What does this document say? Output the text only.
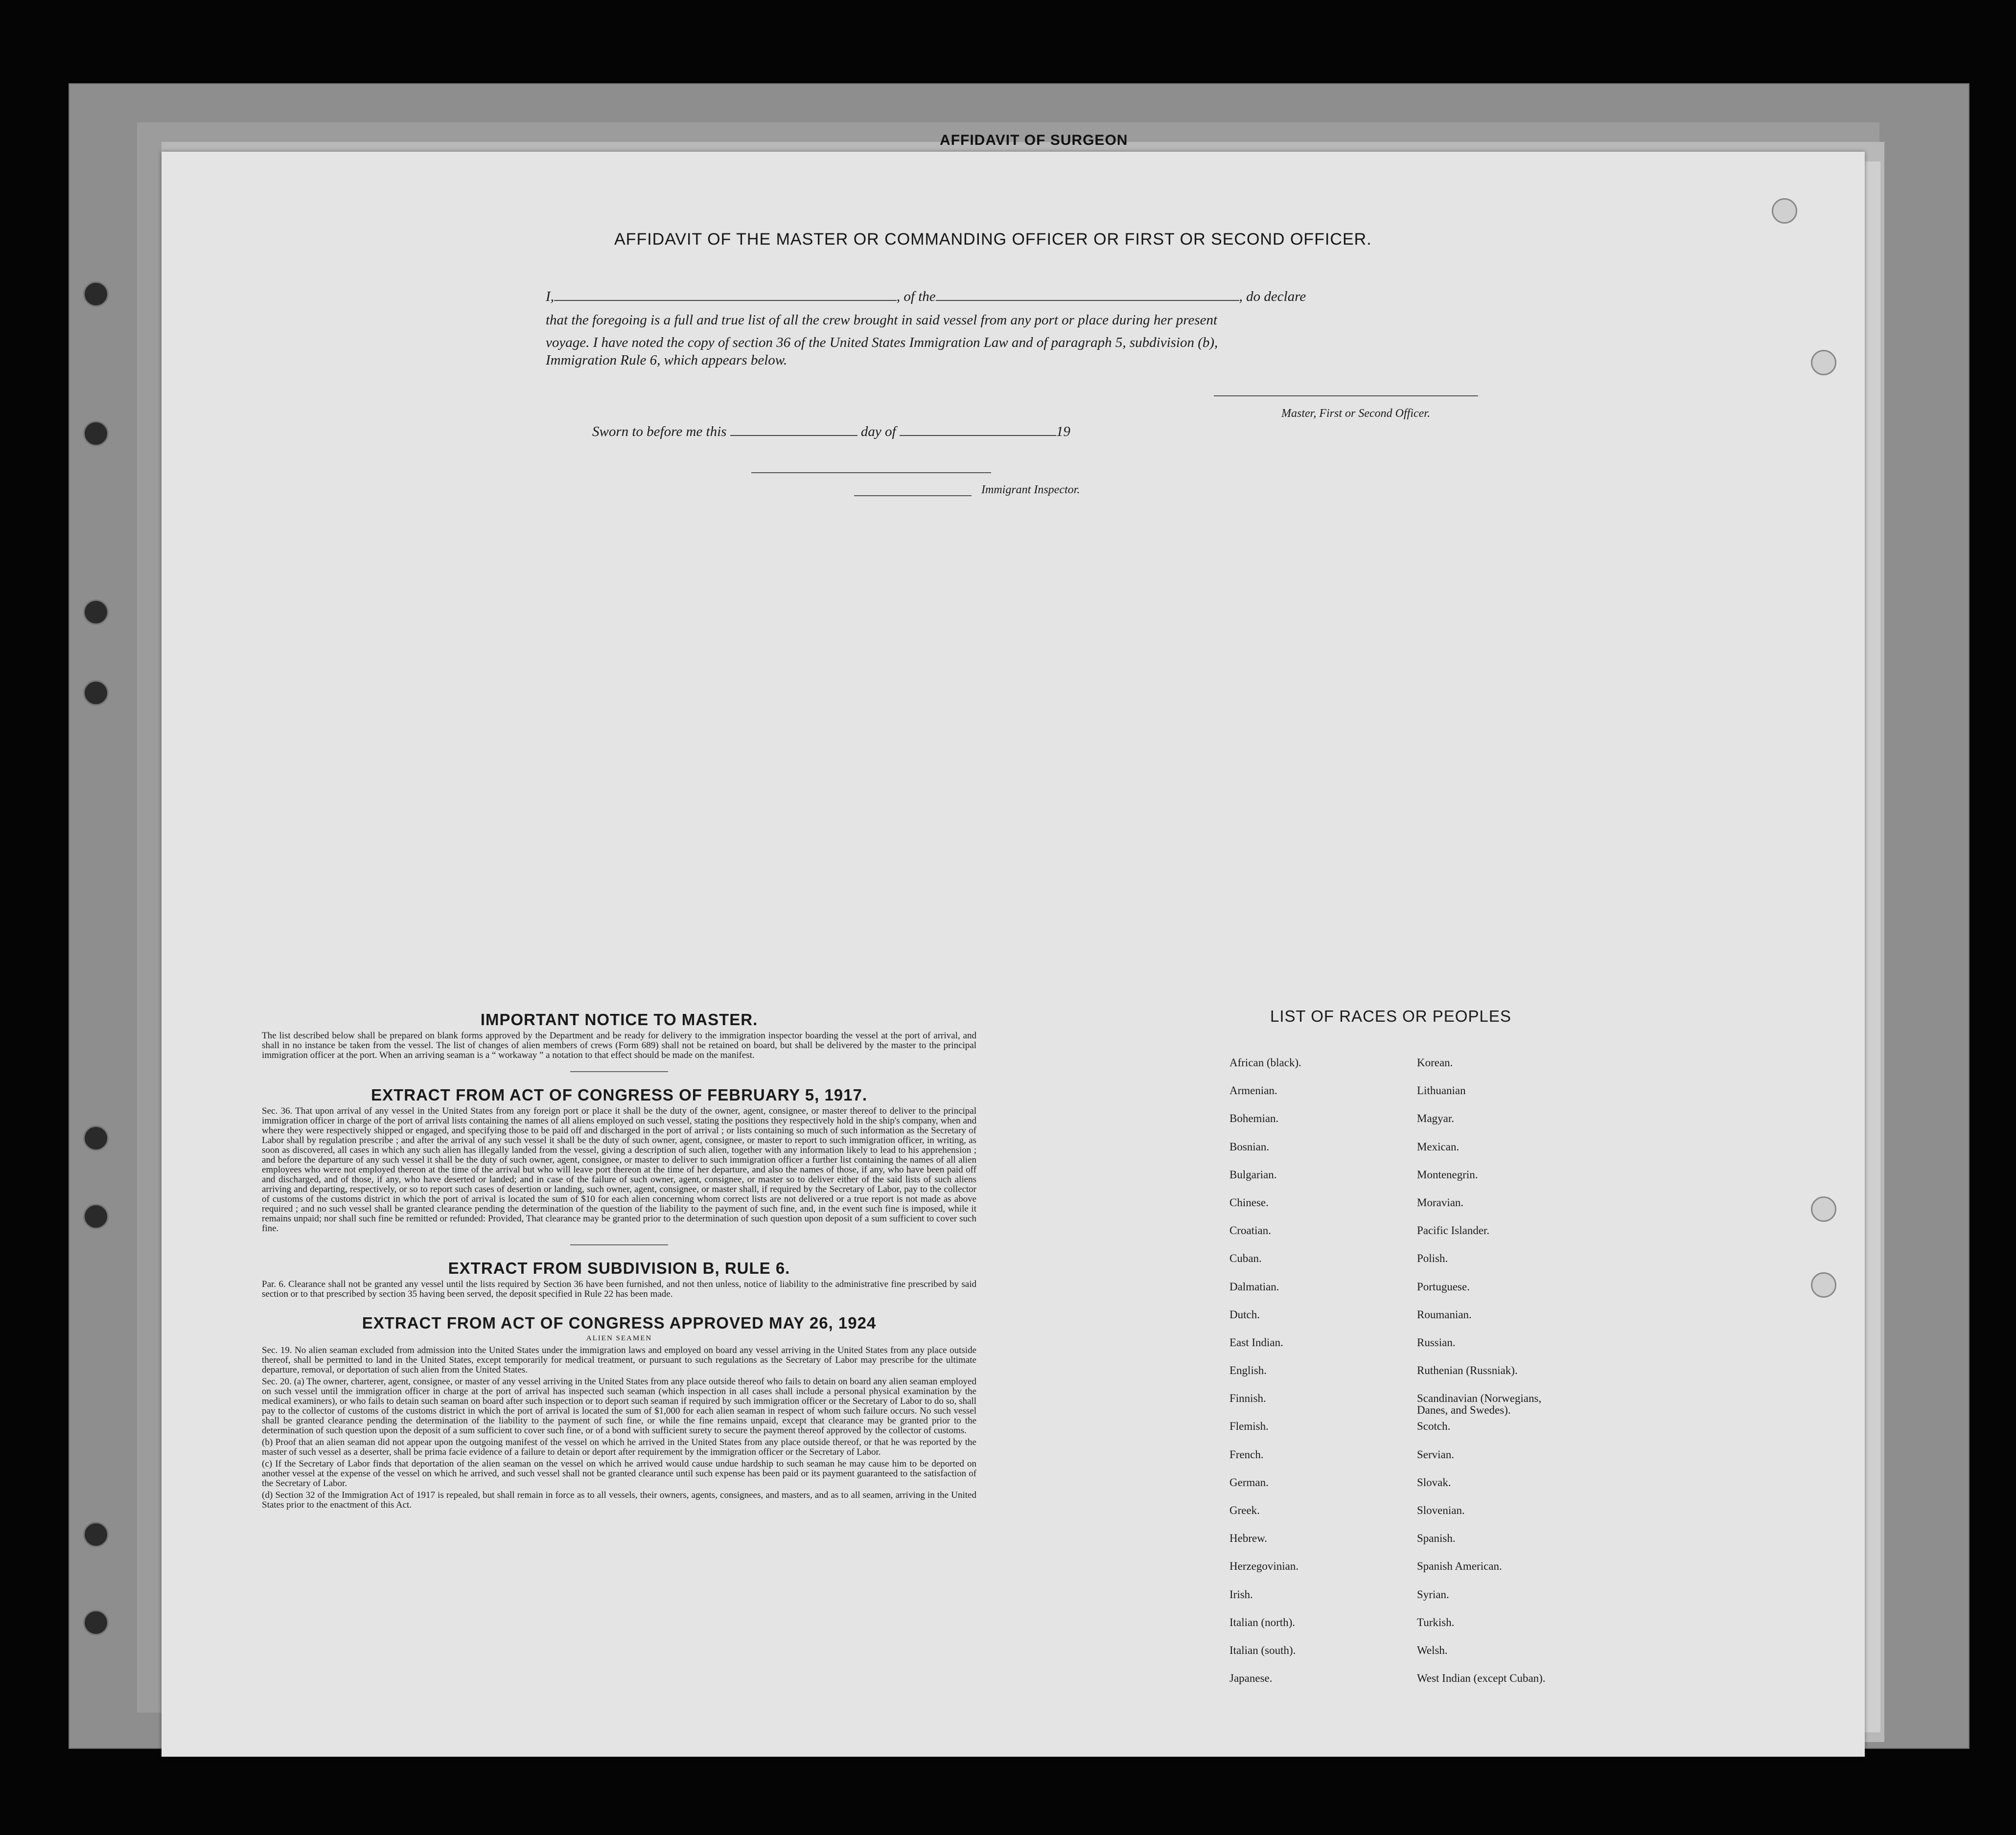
AFFIDAVIT OF SURGEON
AFFIDAVIT OF THE MASTER OR COMMANDING OFFICER OR FIRST OR SECOND OFFICER.
I,	, of the	, do declare
that the foregoing is a full and true list of all the crew brought in said vessel from any port or place during her present
voyage. I have noted the copy of section 36 of the United States Immigration Law and of paragraph 5, subdivision (b),
Immigration Rule 6, which appears below.
Master, First or Second Officer.
Sworn to before me this	day of	19
Immigrant Inspector.
IMPORTANT NOTICE TO MASTER.

The list described below shall be prepared on blank forms approved by the Department and be ready for delivery to the immigration inspector boarding the vessel at the port of arrival, and shall in no instance be taken from the vessel. The list of changes of alien members of crews (Form 689) shall not be retained on board, but shall be delivered by the master to the principal immigration officer at the port. When an arriving seaman is a “ workaway ” a notation to that effect should be made on the manifest.

EXTRACT FROM ACT OF CONGRESS OF FEBRUARY 5, 1917.

Sec. 36. That upon arrival of any vessel in the United States from any foreign port or place it shall be the duty of the owner, agent, consignee, or master thereof to deliver to the principal immigration officer in charge of the port of arrival lists containing the names of all aliens employed on such vessel, stating the positions they respectively hold in the ship's company, when and where they were respectively shipped or engaged, and specifying those to be paid off and discharged in the port of arrival ; or lists containing so much of such information as the Secretary of Labor shall by regulation prescribe ; and after the arrival of any such vessel it shall be the duty of such owner, agent, consignee, or master to report to such immigration officer, in writing, as soon as discovered, all cases in which any such alien has illegally landed from the vessel, giving a description of such alien, together with any information likely to lead to his apprehension ; and before the departure of any such vessel it shall be the duty of such owner, agent, consignee, or master to deliver to such immigration officer a further list containing the names of all alien employees who were not employed thereon at the time of the arrival but who will leave port thereon at the time of her departure, and also the names of those, if any, who have been paid off and discharged, and of those, if any, who have deserted or landed; and in case of the failure of such owner, agent, consignee, or master so to deliver either of the said lists of such aliens arriving and departing, respectively, or so to report such cases of desertion or landing, such owner, agent, consignee, or master shall, if required by the Secretary of Labor, pay to the collector of customs of the customs district in which the port of arrival is located the sum of $10 for each alien concerning whom correct lists are not delivered or a true report is not made as above required ; and no such vessel shall be granted clearance pending the determination of the question of the liability to the payment of such fine, and, in the event such fine is imposed, while it remains unpaid; nor shall such fine be remitted or refunded: Provided, That clearance may be granted prior to the determination of such question upon deposit of a sum sufficient to cover such fine.

EXTRACT FROM SUBDIVISION B, RULE 6.

Par. 6. Clearance shall not be granted any vessel until the lists required by Section 36 have been furnished, and not then unless, notice of liability to the administrative fine prescribed by said section or to that prescribed by section 35 having been served, the deposit specified in Rule 22 has been made.

EXTRACT FROM ACT OF CONGRESS APPROVED MAY 26, 1924
ALIEN SEAMEN

Sec. 19. No alien seaman excluded from admission into the United States under the immigration laws and employed on board any vessel arriving in the United States from any place outside thereof, shall be permitted to land in the United States, except temporarily for medical treatment, or pursuant to such regulations as the Secretary of Labor may prescribe for the ultimate departure, removal, or deportation of such alien from the United States.

Sec. 20. (a) The owner, charterer, agent, consignee, or master of any vessel arriving in the United States from any place outside thereof who fails to detain on board any alien seaman employed on such vessel until the immigration officer in charge at the port of arrival has inspected such seaman (which inspection in all cases shall include a personal physical examination by the medical examiners), or who fails to detain such seaman on board after such inspection or to deport such seaman if required by such immigration officer or the Secretary of Labor to do so, shall pay to the collector of customs of the customs district in which the port of arrival is located the sum of $1,000 for each alien seaman in respect of whom such failure occurs. No such vessel shall be granted clearance pending the determination of the liability to the payment of such fine, or while the fine remains unpaid, except that clearance may be granted prior to the determination of such question upon the deposit of a sum sufficient to cover such fine, or of a bond with sufficient surety to secure the payment thereof approved by the collector of customs.

(b) Proof that an alien seaman did not appear upon the outgoing manifest of the vessel on which he arrived in the United States from any place outside thereof, or that he was reported by the master of such vessel as a deserter, shall be prima facie evidence of a failure to detain or deport after requirement by the immigration officer or the Secretary of Labor.

(c) If the Secretary of Labor finds that deportation of the alien seaman on the vessel on which he arrived would cause undue hardship to such seaman he may cause him to be deported on another vessel at the expense of the vessel on which he arrived, and such vessel shall not be granted clearance until such expense has been paid or its payment guaranteed to the satisfaction of the Secretary of Labor.

(d) Section 32 of the Immigration Act of 1917 is repealed, but shall remain in force as to all vessels, their owners, agents, consignees, and masters, and as to all seamen, arriving in the United States prior to the enactment of this Act.

LIST OF RACES OR PEOPLES
African (black).
Armenian.
Bohemian.
Bosnian.
Bulgarian.
Chinese.
Croatian.
Cuban.
Dalmatian.
Dutch.
East Indian.
English.
Finnish.
Flemish.
French.
German.
Greek.
Hebrew.
Herzegovinian.
Irish.
Italian (north).
Italian (south).
Japanese.
Korean.
Lithuanian
Magyar.
Mexican.
Montenegrin.
Moravian.
Pacific Islander.
Polish.
Portuguese.
Roumanian.
Russian.
Ruthenian (Russniak).
Scandinavian (Norwegians,
Danes, and Swedes).
Scotch.
Servian.
Slovak.
Slovenian.
Spanish.
Spanish American.
Syrian.
Turkish.
Welsh.
West Indian (except Cuban).
